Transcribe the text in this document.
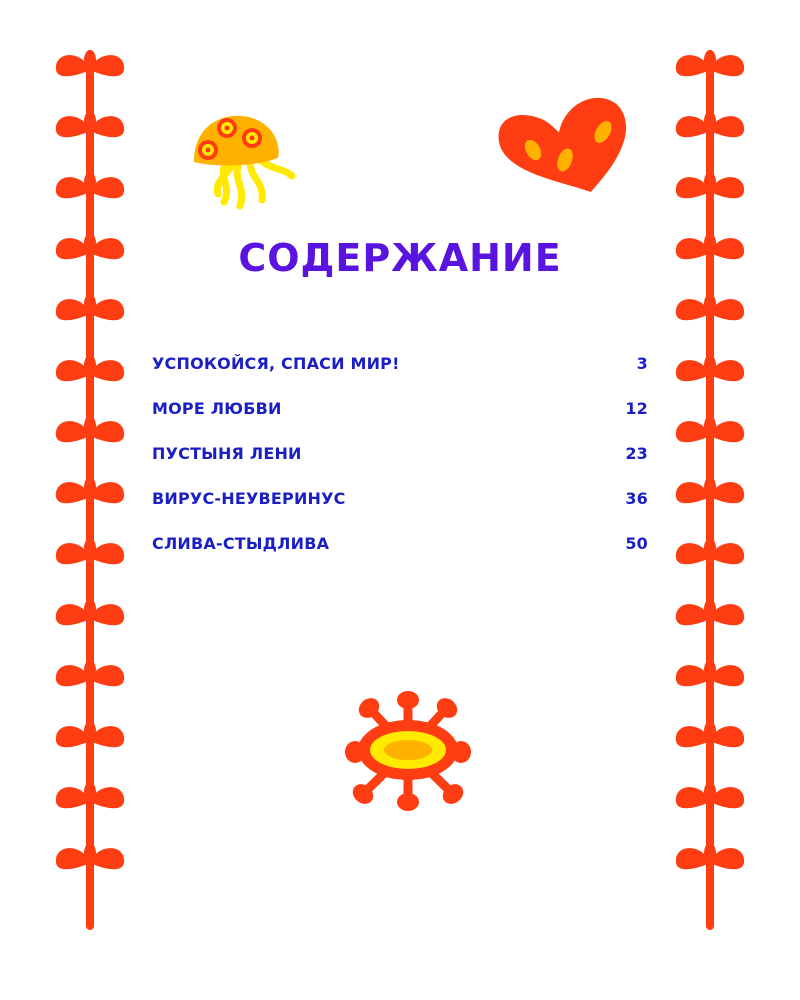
СОДЕРЖАНИЕ
УСПОКОЙСЯ, СПАСИ МИР!	3
МОРЕ ЛЮБВИ	12
ПУСТЫНЯ ЛЕНИ	23
ВИРУС-НЕУВЕРИНУС	36
СЛИВА-СТЫДЛИВА	50
